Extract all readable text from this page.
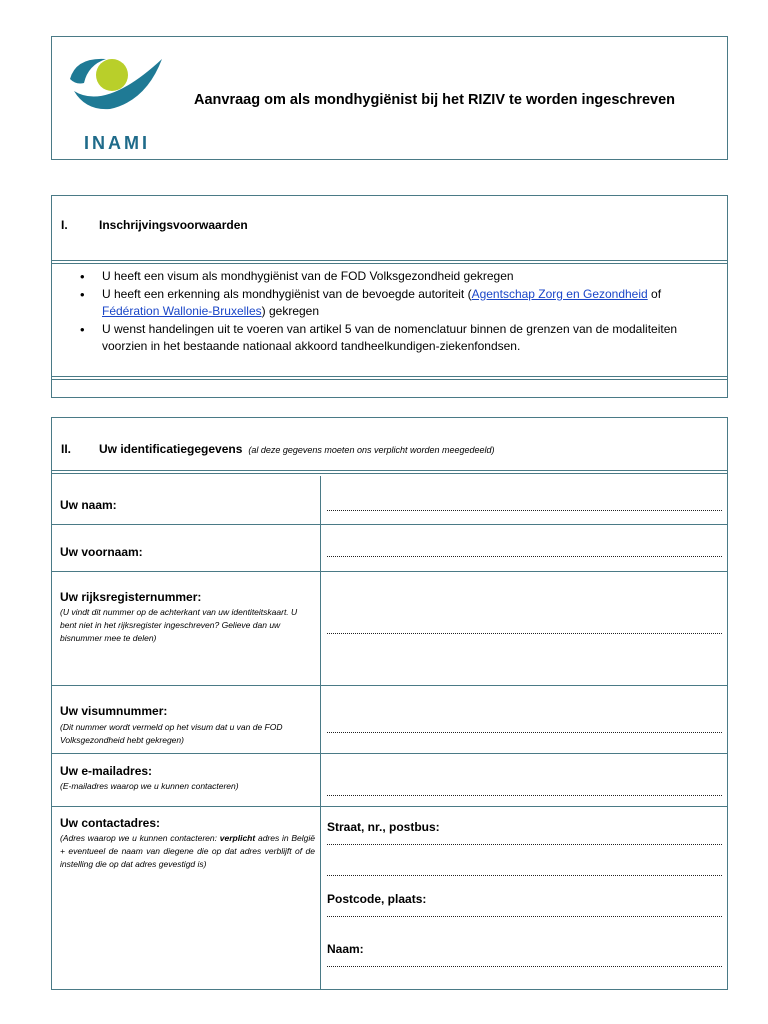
INAMI
Aanvraag om als mondhygiënist bij het RIZIV te worden ingeschreven
I.	Inschrijvingsvoorwaarden
• U heeft een visum als mondhygiënist van de FOD Volksgezondheid gekregen
• U heeft een erkenning als mondhygiënist van de bevoegde autoriteit (Agentschap Zorg en Gezondheid of Fédération Wallonie-Bruxelles) gekregen
• U wenst handelingen uit te voeren van artikel 5 van de nomenclatuur binnen de grenzen van de modaliteiten voorzien in het bestaande nationaal akkoord tandheelkundigen-ziekenfondsen.
II. Uw identificatiegegevens (al deze gegevens moeten ons verplicht worden meegedeeld)
Uw naam:
Uw voornaam:
Uw rijksregisternummer:
(U vindt dit nummer op de achterkant van uw identiteitskaart. U bent niet in het rijksregister ingeschreven? Gelieve dan uw bisnummer mee te delen)
Uw visumnummer:
(Dit nummer wordt vermeld op het visum dat u van de FOD Volksgezondheid hebt gekregen)
Uw e-mailadres:
(E-mailadres waarop we u kunnen contacteren)
Uw contactadres:
(Adres waarop we u kunnen contacteren: verplicht adres in België + eventueel de naam van diegene die op dat adres verblijft of de instelling die op dat adres gevestigd is)
Straat, nr., postbus:
Postcode, plaats:
Naam:
